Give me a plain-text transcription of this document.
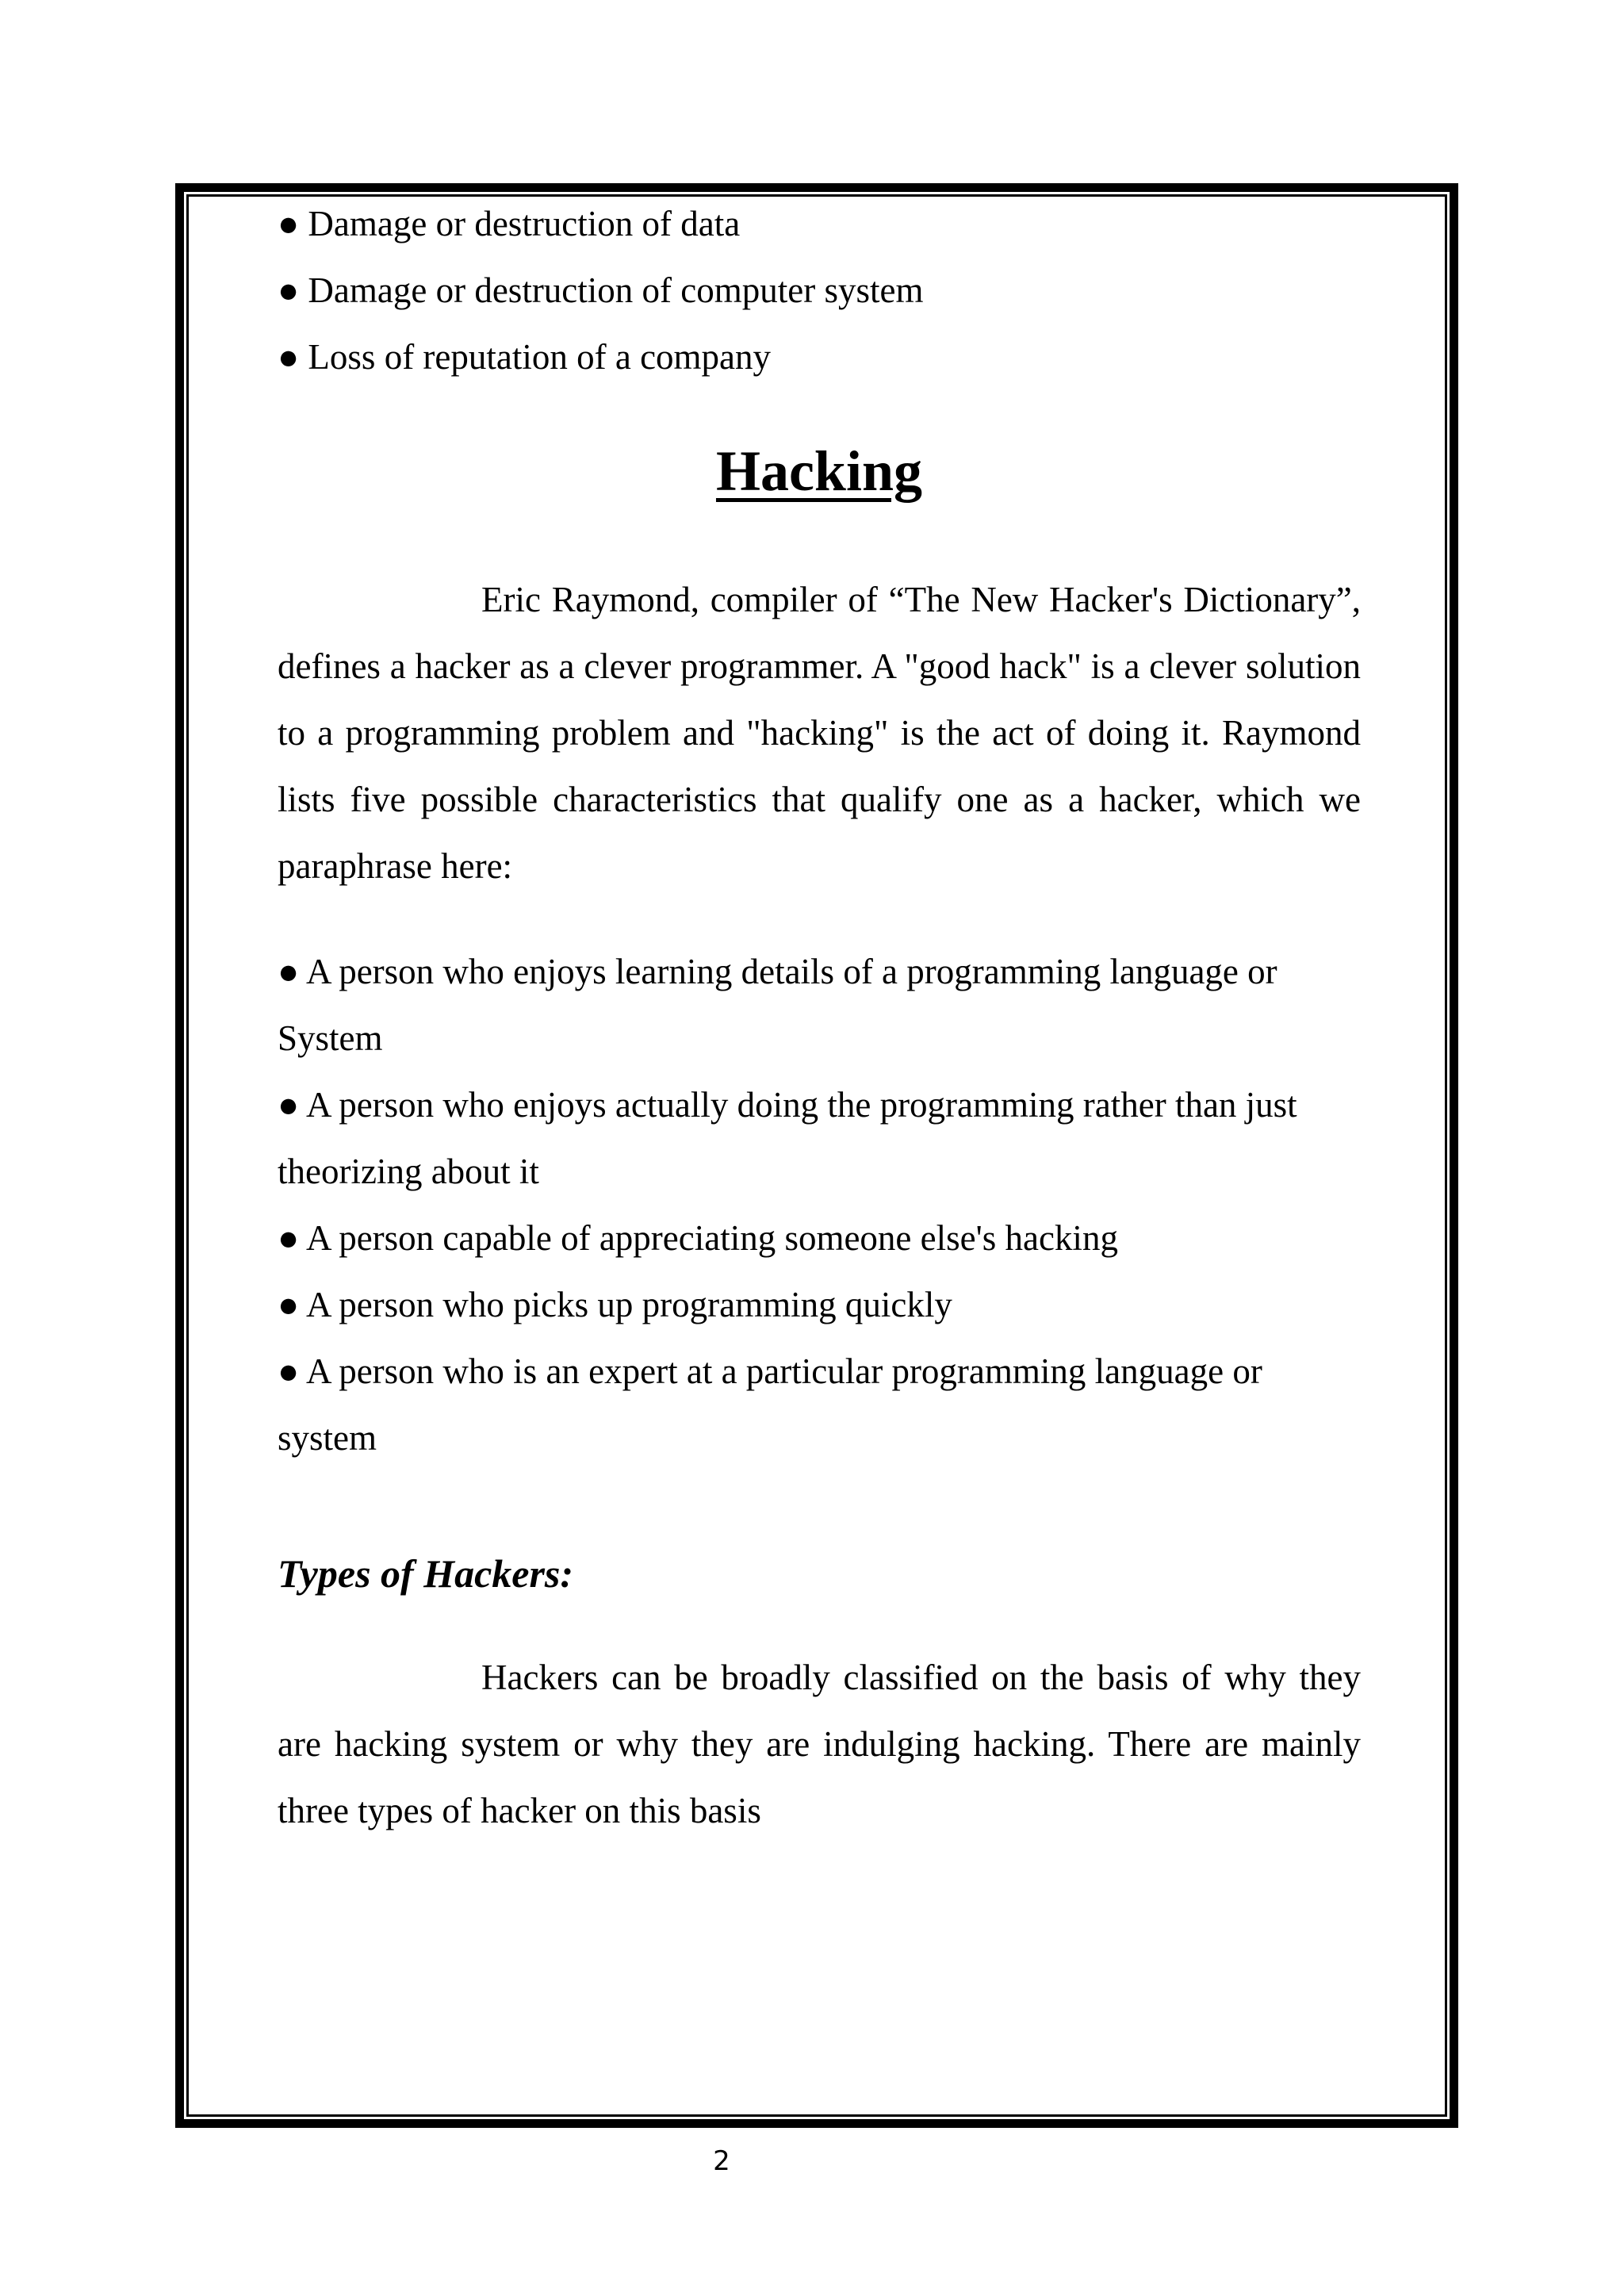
● Damage or destruction of data
● Damage or destruction of computer system
● Loss of reputation of a company
Hacking

Eric Raymond, compiler of “The New Hacker's Dictionary”, defines a hacker as a clever programmer. A "good hack" is a clever solution to a programming problem and "hacking" is the act of doing it. Raymond lists five possible characteristics that qualify one as a hacker, which we paraphrase here:

● A person who enjoys learning details of a programming language or System

● A person who enjoys actually doing the programming rather than just theorizing about it

● A person capable of appreciating someone else's hacking

● A person who picks up programming quickly

● A person who is an expert at a particular programming language or system

Types of Hackers:

Hackers can be broadly classified on the basis of why they are hacking system or why they are indulging hacking. There are mainly three types of hacker on this basis

2
